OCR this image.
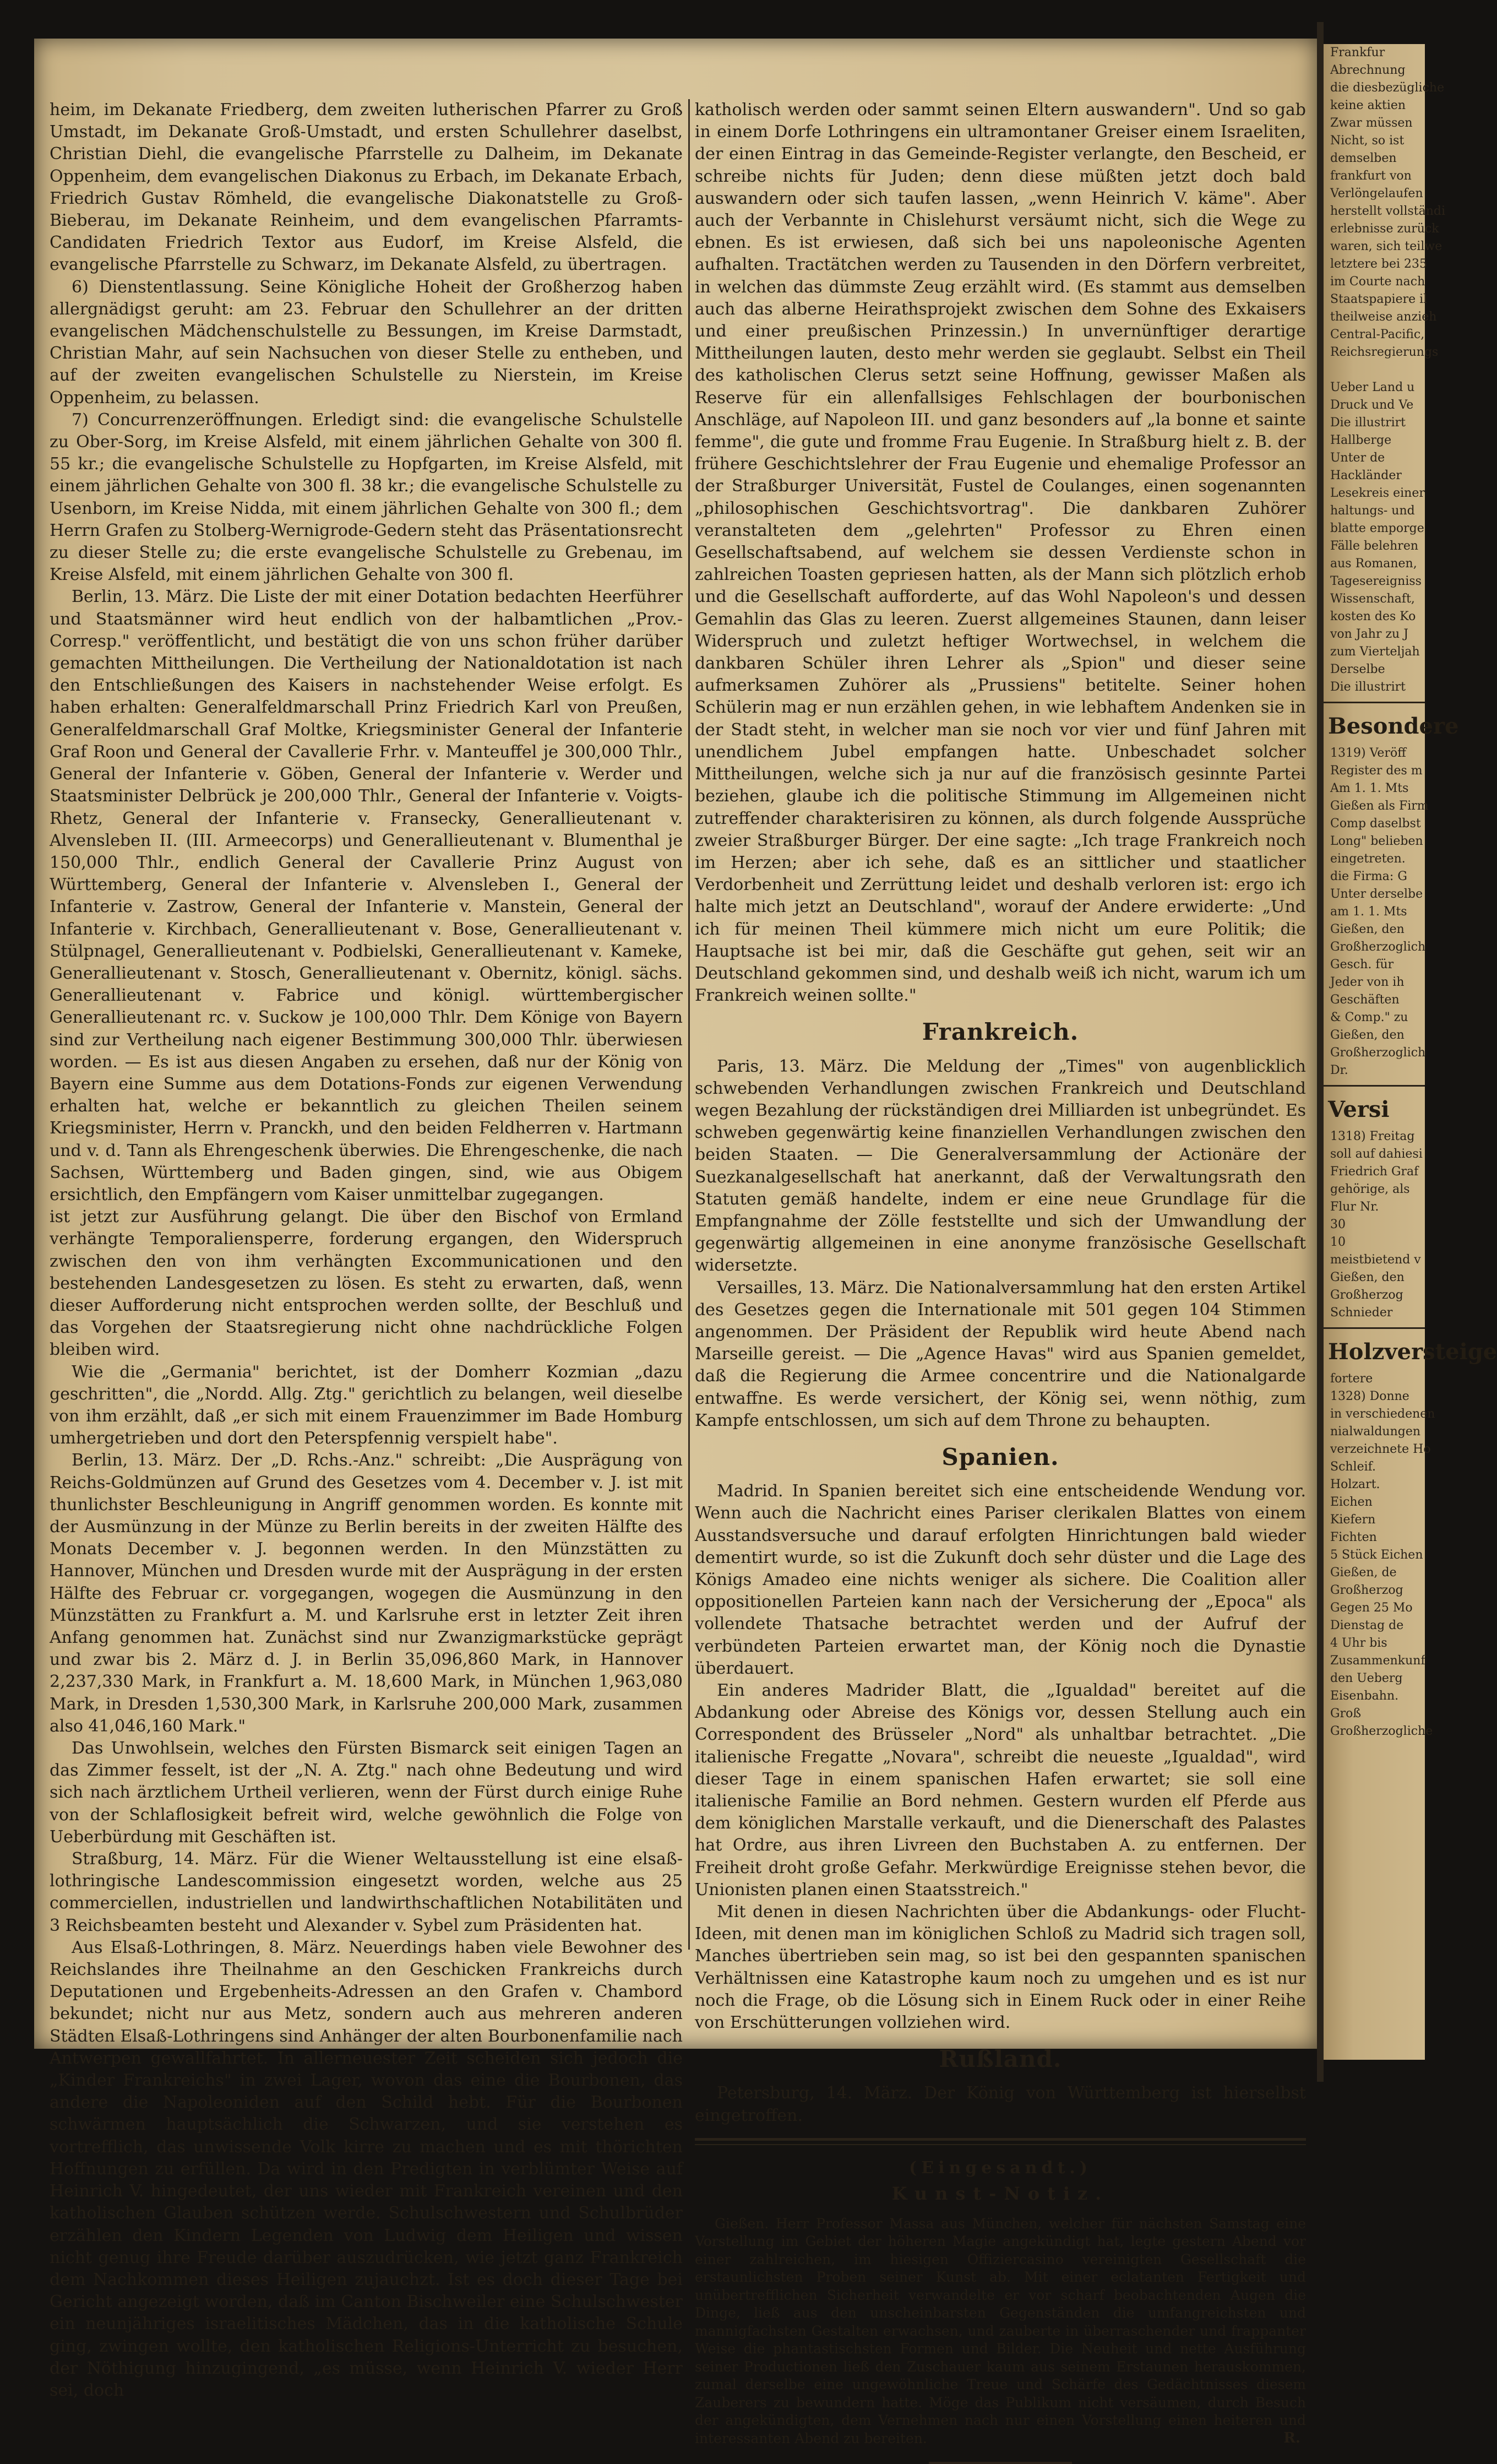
heim, im Dekanate Friedberg, dem zweiten lutherischen Pfarrer zu Groß Umstadt, im Dekanate Groß-Umstadt, und ersten Schullehrer daselbst, Christian Diehl, die evangelische Pfarrstelle zu Dalheim, im Dekanate Oppenheim, dem evangelischen Diakonus zu Erbach, im Dekanate Erbach, Friedrich Gustav Römheld, die evangelische Diakonatstelle zu Groß-Bieberau, im Dekanate Reinheim, und dem evangelischen Pfarramts-Candidaten Friedrich Textor aus Eudorf, im Kreise Alsfeld, die evangelische Pfarrstelle zu Schwarz, im Dekanate Alsfeld, zu übertragen.

6) Dienstentlassung. Seine Königliche Hoheit der Großherzog haben allergnädigst geruht: am 23. Februar den Schullehrer an der dritten evangelischen Mädchenschulstelle zu Bessungen, im Kreise Darmstadt, Christian Mahr, auf sein Nachsuchen von dieser Stelle zu entheben, und auf der zweiten evangelischen Schulstelle zu Nierstein, im Kreise Oppenheim, zu belassen.

7) Concurrenzeröffnungen. Erledigt sind: die evangelische Schulstelle zu Ober-Sorg, im Kreise Alsfeld, mit einem jährlichen Gehalte von 300 fl. 55 kr.; die evangelische Schulstelle zu Hopfgarten, im Kreise Alsfeld, mit einem jährlichen Gehalte von 300 fl. 38 kr.; die evangelische Schulstelle zu Usenborn, im Kreise Nidda, mit einem jährlichen Gehalte von 300 fl.; dem Herrn Grafen zu Stolberg-Wernigrode-Gedern steht das Präsentationsrecht zu dieser Stelle zu; die erste evangelische Schulstelle zu Grebenau, im Kreise Alsfeld, mit einem jährlichen Gehalte von 300 fl.

Berlin, 13. März. Die Liste der mit einer Dotation bedachten Heerführer und Staatsmänner wird heut endlich von der halbamtlichen „Prov.-Corresp." veröffentlicht, und bestätigt die von uns schon früher darüber gemachten Mittheilungen. Die Vertheilung der Nationaldotation ist nach den Entschließungen des Kaisers in nachstehender Weise erfolgt. Es haben erhalten: Generalfeldmarschall Prinz Friedrich Karl von Preußen, Generalfeldmarschall Graf Moltke, Kriegsminister General der Infanterie Graf Roon und General der Cavallerie Frhr. v. Manteuffel je 300,000 Thlr., General der Infanterie v. Göben, General der Infanterie v. Werder und Staatsminister Delbrück je 200,000 Thlr., General der Infanterie v. Voigts-Rhetz, General der Infanterie v. Fransecky, Generallieutenant v. Alvensleben II. (III. Armeecorps) und Generallieutenant v. Blumenthal je 150,000 Thlr., endlich General der Cavallerie Prinz August von Württemberg, General der Infanterie v. Alvensleben I., General der Infanterie v. Zastrow, General der Infanterie v. Manstein, General der Infanterie v. Kirchbach, Generallieutenant v. Bose, Generallieutenant v. Stülpnagel, Generallieutenant v. Podbielski, Generallieutenant v. Kameke, Generallieutenant v. Stosch, Generallieutenant v. Obernitz, königl. sächs. Generallieutenant v. Fabrice und königl. württembergischer Generallieutenant rc. v. Suckow je 100,000 Thlr. Dem Könige von Bayern sind zur Vertheilung nach eigener Bestimmung 300,000 Thlr. überwiesen worden. — Es ist aus diesen Angaben zu ersehen, daß nur der König von Bayern eine Summe aus dem Dotations-Fonds zur eigenen Verwendung erhalten hat, welche er bekanntlich zu gleichen Theilen seinem Kriegsminister, Herrn v. Pranckh, und den beiden Feldherren v. Hartmann und v. d. Tann als Ehrengeschenk überwies. Die Ehrengeschenke, die nach Sachsen, Württemberg und Baden gingen, sind, wie aus Obigem ersichtlich, den Empfängern vom Kaiser unmittelbar zugegangen.

ist jetzt zur Ausführung gelangt. Die über den Bischof von Ermland verhängte Temporaliensperre, forderung ergangen, den Widerspruch zwischen den von ihm verhängten Excommunicationen und den bestehenden Landesgesetzen zu lösen. Es steht zu erwarten, daß, wenn dieser Aufforderung nicht entsprochen werden sollte, der Beschluß und das Vorgehen der Staatsregierung nicht ohne nachdrückliche Folgen bleiben wird.

Wie die „Germania" berichtet, ist der Domherr Kozmian „dazu geschritten", die „Nordd. Allg. Ztg." gerichtlich zu belangen, weil dieselbe von ihm erzählt, daß „er sich mit einem Frauenzimmer im Bade Homburg umhergetrieben und dort den Peterspfennig verspielt habe".

Berlin, 13. März. Der „D. Rchs.-Anz." schreibt: „Die Ausprägung von Reichs-Goldmünzen auf Grund des Gesetzes vom 4. December v. J. ist mit thunlichster Beschleunigung in Angriff genommen worden. Es konnte mit der Ausmünzung in der Münze zu Berlin bereits in der zweiten Hälfte des Monats December v. J. begonnen werden. In den Münzstätten zu Hannover, München und Dresden wurde mit der Ausprägung in der ersten Hälfte des Februar cr. vorgegangen, wogegen die Ausmünzung in den Münzstätten zu Frankfurt a. M. und Karlsruhe erst in letzter Zeit ihren Anfang genommen hat. Zunächst sind nur Zwanzigmarkstücke geprägt und zwar bis 2. März d. J. in Berlin 35,096,860 Mark, in Hannover 2,237,330 Mark, in Frankfurt a. M. 18,600 Mark, in München 1,963,080 Mark, in Dresden 1,530,300 Mark, in Karlsruhe 200,000 Mark, zusammen also 41,046,160 Mark."

Das Unwohlsein, welches den Fürsten Bismarck seit einigen Tagen an das Zimmer fesselt, ist der „N. A. Ztg." nach ohne Bedeutung und wird sich nach ärztlichem Urtheil verlieren, wenn der Fürst durch einige Ruhe von der Schlaflosigkeit befreit wird, welche gewöhnlich die Folge von Ueberbürdung mit Geschäften ist.

Straßburg, 14. März. Für die Wiener Weltausstellung ist eine elsaß-lothringische Landescommission eingesetzt worden, welche aus 25 commerciellen, industriellen und landwirthschaftlichen Notabilitäten und 3 Reichsbeamten besteht und Alexander v. Sybel zum Präsidenten hat.

Aus Elsaß-Lothringen, 8. März. Neuerdings haben viele Bewohner des Reichslandes ihre Theilnahme an den Geschicken Frankreichs durch Deputationen und Ergebenheits-Adressen an den Grafen v. Chambord bekundet; nicht nur aus Metz, sondern auch aus mehreren anderen Städten Elsaß-Lothringens sind Anhänger der alten Bourbonenfamilie nach Antwerpen gewallfahrtet. In allerneuester Zeit scheiden sich jedoch die „Kinder Frankreichs" in zwei Lager, wovon das eine die Bourbonen, das andere die Napoleoniden auf den Schild hebt. Für die Bourbonen schwärmen hauptsächlich die Schwarzen, und sie verstehen es vortrefflich, das unwissende Volk kirre zu machen und es mit thörichten Hoffnungen zu erfüllen. Da wird in den Predigten in verblümter Weise auf Heinrich V. hingedeutet, der uns wieder mit Frankreich vereinen und den katholischen Glauben schützen werde. Schulschwestern und Schulbrüder erzählen den Kindern Legenden von Ludwig dem Heiligen und wissen nicht genug ihre Freude darüber auszudrücken, wie jetzt ganz Frankreich dem Nachkommen dieses Heiligen zujauchzt. Ist es doch dieser Tage bei Gericht angezeigt worden, daß im Canton Bischweiler eine Schulschwester ein neunjähriges israelitisches Mädchen, das in die katholische Schule ging, zwingen wollte, den katholischen Religions-Unterricht zu besuchen, der Nöthigung hinzugingend, „es müsse, wenn Heinrich V. wieder Herr sei, doch

katholisch werden oder sammt seinen Eltern auswandern". Und so gab in einem Dorfe Lothringens ein ultramontaner Greiser einem Israeliten, der einen Eintrag in das Gemeinde-Register verlangte, den Bescheid, er schreibe nichts für Juden; denn diese müßten jetzt doch bald auswandern oder sich taufen lassen, „wenn Heinrich V. käme". Aber auch der Verbannte in Chislehurst versäumt nicht, sich die Wege zu ebnen. Es ist erwiesen, daß sich bei uns napoleonische Agenten aufhalten. Tractätchen werden zu Tausenden in den Dörfern verbreitet, in welchen das dümmste Zeug erzählt wird. (Es stammt aus demselben auch das alberne Heirathsprojekt zwischen dem Sohne des Exkaisers und einer preußischen Prinzessin.) In unvernünftiger derartige Mittheilungen lauten, desto mehr werden sie geglaubt. Selbst ein Theil des katholischen Clerus setzt seine Hoffnung, gewisser Maßen als Reserve für ein allenfallsiges Fehlschlagen der bourbonischen Anschläge, auf Napoleon III. und ganz besonders auf „la bonne et sainte femme", die gute und fromme Frau Eugenie. In Straßburg hielt z. B. der frühere Geschichtslehrer der Frau Eugenie und ehemalige Professor an der Straßburger Universität, Fustel de Coulanges, einen sogenannten „philosophischen Geschichtsvortrag". Die dankbaren Zuhörer veranstalteten dem „gelehrten" Professor zu Ehren einen Gesellschaftsabend, auf welchem sie dessen Verdienste schon in zahlreichen Toasten gepriesen hatten, als der Mann sich plötzlich erhob und die Gesellschaft aufforderte, auf das Wohl Napoleon's und dessen Gemahlin das Glas zu leeren. Zuerst allgemeines Staunen, dann leiser Widerspruch und zuletzt heftiger Wortwechsel, in welchem die dankbaren Schüler ihren Lehrer als „Spion" und dieser seine aufmerksamen Zuhörer als „Prussiens" betitelte. Seiner hohen Schülerin mag er nun erzählen gehen, in wie lebhaftem Andenken sie in der Stadt steht, in welcher man sie noch vor vier und fünf Jahren mit unendlichem Jubel empfangen hatte. Unbeschadet solcher Mittheilungen, welche sich ja nur auf die französisch gesinnte Partei beziehen, glaube ich die politische Stimmung im Allgemeinen nicht zutreffender charakterisiren zu können, als durch folgende Aussprüche zweier Straßburger Bürger. Der eine sagte: „Ich trage Frankreich noch im Herzen; aber ich sehe, daß es an sittlicher und staatlicher Verdorbenheit und Zerrüttung leidet und deshalb verloren ist: ergo ich halte mich jetzt an Deutschland", worauf der Andere erwiderte: „Und ich für meinen Theil kümmere mich nicht um eure Politik; die Hauptsache ist bei mir, daß die Geschäfte gut gehen, seit wir an Deutschland gekommen sind, und deshalb weiß ich nicht, warum ich um Frankreich weinen sollte."

Frankreich.

Paris, 13. März. Die Meldung der „Times" von augenblicklich schwebenden Verhandlungen zwischen Frankreich und Deutschland wegen Bezahlung der rückständigen drei Milliarden ist unbegründet. Es schweben gegenwärtig keine finanziellen Verhandlungen zwischen den beiden Staaten. — Die Generalversammlung der Actionäre der Suezkanalgesellschaft hat anerkannt, daß der Verwaltungsrath den Statuten gemäß handelte, indem er eine neue Grundlage für die Empfangnahme der Zölle feststellte und sich der Umwandlung der gegenwärtig allgemeinen in eine anonyme französische Gesellschaft widersetzte.

Versailles, 13. März. Die Nationalversammlung hat den ersten Artikel des Gesetzes gegen die Internationale mit 501 gegen 104 Stimmen angenommen. Der Präsident der Republik wird heute Abend nach Marseille gereist. — Die „Agence Havas" wird aus Spanien gemeldet, daß die Regierung die Armee concentrire und die Nationalgarde entwaffne. Es werde versichert, der König sei, wenn nöthig, zum Kampfe entschlossen, um sich auf dem Throne zu behaupten.

Spanien.

Madrid. In Spanien bereitet sich eine entscheidende Wendung vor. Wenn auch die Nachricht eines Pariser clerikalen Blattes von einem Ausstandsversuche und darauf erfolgten Hinrichtungen bald wieder dementirt wurde, so ist die Zukunft doch sehr düster und die Lage des Königs Amadeo eine nichts weniger als sichere. Die Coalition aller oppositionellen Parteien kann nach der Versicherung der „Epoca" als vollendete Thatsache betrachtet werden und der Aufruf der verbündeten Parteien erwartet man, der König noch die Dynastie überdauert.

Ein anderes Madrider Blatt, die „Igualdad" bereitet auf die Abdankung oder Abreise des Königs vor, dessen Stellung auch ein Correspondent des Brüsseler „Nord" als unhaltbar betrachtet. „Die italienische Fregatte „Novara", schreibt die neueste „Igualdad", wird dieser Tage in einem spanischen Hafen erwartet; sie soll eine italienische Familie an Bord nehmen. Gestern wurden elf Pferde aus dem königlichen Marstalle verkauft, und die Dienerschaft des Palastes hat Ordre, aus ihren Livreen den Buchstaben A. zu entfernen. Der Freiheit droht große Gefahr. Merkwürdige Ereignisse stehen bevor, die Unionisten planen einen Staatsstreich."

Mit denen in diesen Nachrichten über die Abdankungs- oder Flucht-Ideen, mit denen man im königlichen Schloß zu Madrid sich tragen soll, Manches übertrieben sein mag, so ist bei den gespannten spanischen Verhältnissen eine Katastrophe kaum noch zu umgehen und es ist nur noch die Frage, ob die Lösung sich in Einem Ruck oder in einer Reihe von Erschütterungen vollziehen wird.

Rußland.

Petersburg, 14. März. Der König von Württemberg ist hierselbst eingetroffen.

(Eingesandt.)
Kunst-Notiz.

Gießen. Herr Professor Massa aus München, welcher für nächsten Samstag eine Vorstellung im Gebiet der höheren Magie angekündigt hat, legte gestern Abend vor einer zahlreichen, im hiesigen Offiziercasino vereinigten Gesellschaft die erstaunlichsten Proben seiner Kunst ab. Mit einer eclatanten Fertigkeit und unübertrefflichen Sicherheit verwandelte er vor scharf beobachtenden Augen die Dinge, ließ aus den unscheinbarsten Gegenständen die umfangreichsten und mannigfachsten Gestalten erwachsen, und zauberte in überraschender und frappanter Weise die phantastischsten Formen und Bilder. Die Neuheit und nette Ausführung seiner Productionen ließ den Zuschauer kaum aus seinem Erstaunen herauskommen, zumal derselbe eine ungewöhnliche Treue und Schärfe des Gedächtnisses diesem Zauberers zu bewundern hatte. Möge das Publikum nicht versäumen, durch Besuch der angekündigten, dem Vernehmen nach nur einen Vorstellung einen heiteren und interessanten Abend zu bereiten.	R.
Frankfur
Abrechnung
die diesbezügliche
keine aktien
Zwar müssen
Nicht, so ist
demselben
frankfurt von
Verlöngelaufen
herstellt vollständi
erlebnisse zurück
waren, sich teilwe
letztere bei 235
im Courte nach
Staatspapiere il
theilweise anzieh
Central-Pacific,
Reichsregierungs

Ueber Land u
Druck und Ve
Die illustrirt
Hallberge
Unter de
Hackländer
Lesekreis einer
haltungs- und
blatte emporge
Fälle belehren
aus Romanen,
Tagesereigniss
Wissenschaft,
kosten des Ko
von Jahr zu J
zum Vierteljah
Derselbe
Die illustrirt
Besondere
1319) Veröff
Register des m
Am 1. 1. Mts
Gießen als Firm
Comp daselbst
Long" belieben
eingetreten.
die Firma: G
Unter derselbe
am 1. 1. Mts
Gießen, den
Großherzoglich
Gesch. für
Jeder von ih
Geschäften
& Comp." zu
Gießen, den
Großherzoglich
Dr.
Versi
1318) Freitag
soll auf dahiesi
Friedrich Graf
gehörige, als
Flur Nr.
30
10
meistbietend v
Gießen, den
Großherzog
Schnieder
Holzversteige
fortere
1328) Donne
in verschiedenen
nialwaldungen
verzeichnete Ho
Schleif.
Holzart.
Eichen
Kiefern
Fichten
5 Stück Eichen
Gießen, de
Großherzog
Gegen 25 Mo
Dienstag de
4 Uhr bis
Zusammenkunf
den Ueberg
Eisenbahn.
Groß
Großherzogliche
